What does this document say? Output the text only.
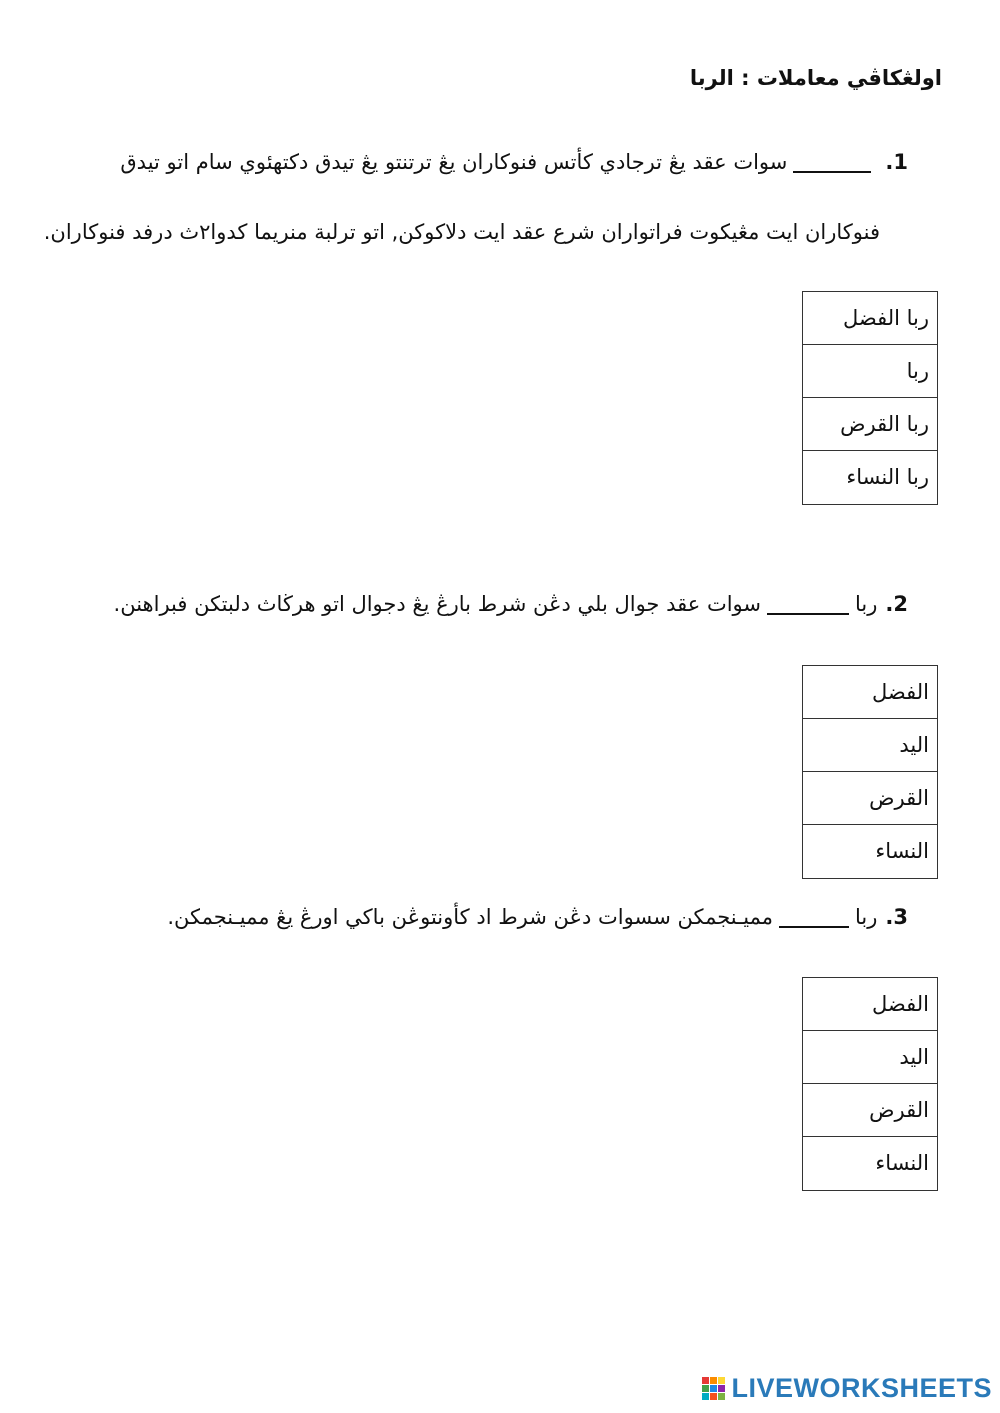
اولڠکاڤي معاملات : الربا
1.سوات عقد يڠ ترجادي كأتس فنوكاران يڠ ترتنتو يڠ تيدق دكتهئوي سام اتو تيدق
فنوكاران ايت مڠيكوت فراتواران شرع عقد ايت دلاکوکن, اتو ترلبة منريما كدوا٢ث درفد فنوكاران.
ربا الفضل
ربا
ربا القرض
ربا النساء
2.رباسوات عقد جوال بلي دڠن شرط بارڠ يڠ دجوال اتو هرڬاث دلبتکن فبراهنن.
الفضل
اليد
القرض
النساء
3.ربامميـنجمكن سسوات دڠن شرط اد كأونتوڠن باكي اورڠ يڠ مميـنجمكن.
الفضل
اليد
القرض
النساء
LIVEWORKSHEETS
